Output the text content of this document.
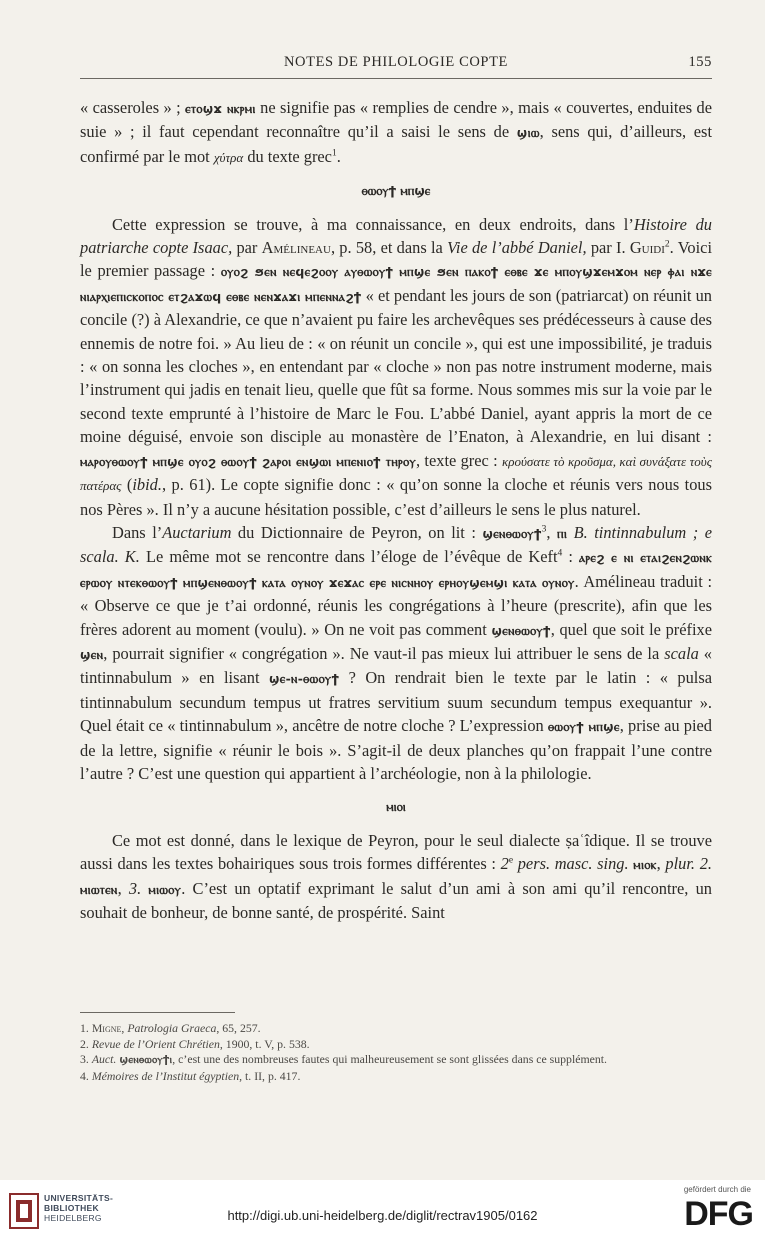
NOTES DE PHILOLOGIE COPTE	155

« casseroles » ; ⲉⲧⲟϣϫ ⲛⲕⲣⲙⲓ ne signifie pas « remplies de cendre », mais « couvertes, enduites de suie » ; il faut cependant reconnaître qu’il a saisi le sens de ϣⲓⲱ, sens qui, d’ailleurs, est confirmé par le mot χύτρα du texte grec$^1$.

ⲑⲱⲟⲩϯ ⲙⲡϣⲉ

Cette expression se trouve, à ma connaissance, en deux endroits, dans l’Histoire du patriarche copte Isaac, par Amélineau, p. 58, et dans la Vie de l’abbé Daniel, par I. Guidi$^2$. Voici le premier passage : ⲟⲩⲟϩ ϧⲉⲛ ⲛⲉϥⲉϩⲟⲟⲩ ⲁⲩⲑⲱⲟⲩϯ ⲙⲡϣⲉ ϧⲉⲛ ⲡⲁⲕⲟϯ ⲉⲑⲃⲉ ϫⲉ ⲙⲡⲟⲩϣϫⲉⲙϫⲟⲙ ⲛⲉⲣ ⲫⲁⲓ ⲛϫⲉ ⲛⲓⲁⲣⲭⲓⲉⲡⲓⲥⲕⲟⲡⲟⲥ ⲉⲧϩⲁϫⲱϥ ⲉⲑⲃⲉ ⲛⲉⲛϫⲁϫⲓ ⲙⲡⲉⲛⲛⲁϩϯ « et pendant les jours de son (patriarcat) on réunit un concile (?) à Alexandrie, ce que n’avaient pu faire les archevêques ses prédécesseurs à cause des ennemis de notre foi. » Au lieu de : « on réunit un concile », qui est une impossibilité, je traduis : « on sonna les cloches », en entendant par « cloche » non pas notre instrument moderne, mais l’instrument qui jadis en tenait lieu, quelle que fût sa forme. Nous sommes mis sur la voie par le second texte emprunté à l’histoire de Marc le Fou. L’abbé Daniel, ayant appris la mort de ce moine déguisé, envoie son disciple au monastère de l’Enaton, à Alexandrie, en lui disant : ⲙⲁⲣⲟⲩⲑⲱⲟⲩϯ ⲙⲡϣⲉ ⲟⲩⲟϩ ⲑⲱⲟⲩϯ ϩⲁⲣⲟⲓ ⲉⲛϣⲱⲓ ⲙⲡⲉⲛⲓⲟϯ ⲧⲏⲣⲟⲩ, texte grec : κρούσατε τὸ κροῦσμα, καὶ συνάξατε τοὺς πατέρας (ibid., p. 61). Le copte signifie donc : « qu’on sonne la cloche et réunis vers nous tous nos Pères ». Il n’y a aucune hésitation possible, c’est d’ailleurs le sens le plus naturel.

Dans l’Auctarium du Dictionnaire de Peyron, on lit : ϣⲉⲛⲑⲱⲟⲩϯ$^3$, ⲡⲓ B. tintinnabulum ; e scala. K. Le même mot se rencontre dans l’éloge de l’évêque de Keft$^4$ : ⲁⲣⲉϩ ⲉ ⲛⲓ ⲉⲧⲁⲓϩⲉⲛϩⲱⲛⲕ ⲉⲣⲱⲟⲩ ⲛⲧⲉⲕⲑⲱⲟⲩϯ ⲙⲡϣⲉⲛⲑⲱⲟⲩϯ ⲕⲁⲧⲁ ⲟⲩⲛⲟⲩ ϫⲉϫⲁⲥ ⲉⲣⲉ ⲛⲓⲥⲛⲏⲟⲩ ⲉⲣⲏⲟⲩϣⲉⲙϣⲓ ⲕⲁⲧⲁ ⲟⲩⲛⲟⲩ. Amélineau traduit : « Observe ce que je t’ai ordonné, réunis les congrégations à l’heure (prescrite), afin que les frères adorent au moment (voulu). » On ne voit pas comment ϣⲉⲛⲑⲱⲟⲩϯ, quel que soit le préfixe ϣⲉⲛ, pourrait signifier « congrégation ». Ne vaut-il pas mieux lui attribuer le sens de la scala « tintinnabulum » en lisant ϣⲉ-ⲛ-ⲑⲱⲟⲩϯ ? On rendrait bien le texte par le latin : « pulsa tintinnabulum secundum tempus ut fratres servitium suum secundum tempus exequantur ». Quel était ce « tintinnabulum », ancêtre de notre cloche ? L’expression ⲑⲱⲟⲩϯ ⲙⲡϣⲉ, prise au pied de la lettre, signifie « réunir le bois ». S’agit-il de deux planches qu’on frappait l’une contre l’autre ? C’est une question qui appartient à l’archéologie, non à la philologie.

ⲙⲓⲟⲓ

Ce mot est donné, dans le lexique de Peyron, pour le seul dialecte ṣaʿîdique. Il se trouve aussi dans les textes bohairiques sous trois formes différentes : 2e pers. masc. sing. ⲙⲓⲟⲕ, plur. 2. ⲙⲓⲱⲧⲉⲛ, 3. ⲙⲓⲱⲟⲩ. C’est un optatif exprimant le salut d’un ami à son ami qu’il rencontre, un souhait de bonheur, de bonne santé, de prospérité. Saint

1. Migne, Patrologia Graeca, 65, 257.
2. Revue de l’Orient Chrétien, 1900, t. V, p. 538.
3. Auct. ϣⲉⲛⲑⲱⲟⲩϯⲓ, c’est une des nombreuses fautes qui malheureusement se sont glissées dans ce supplément.
4. Mémoires de l’Institut égyptien, t. II, p. 417.
UNIVERSITÄTS-
BIBLIOTHEK
HEIDELBERG	http://digi.ub.uni-heidelberg.de/diglit/rectrav1905/0162
gefördert durch die
DFG
